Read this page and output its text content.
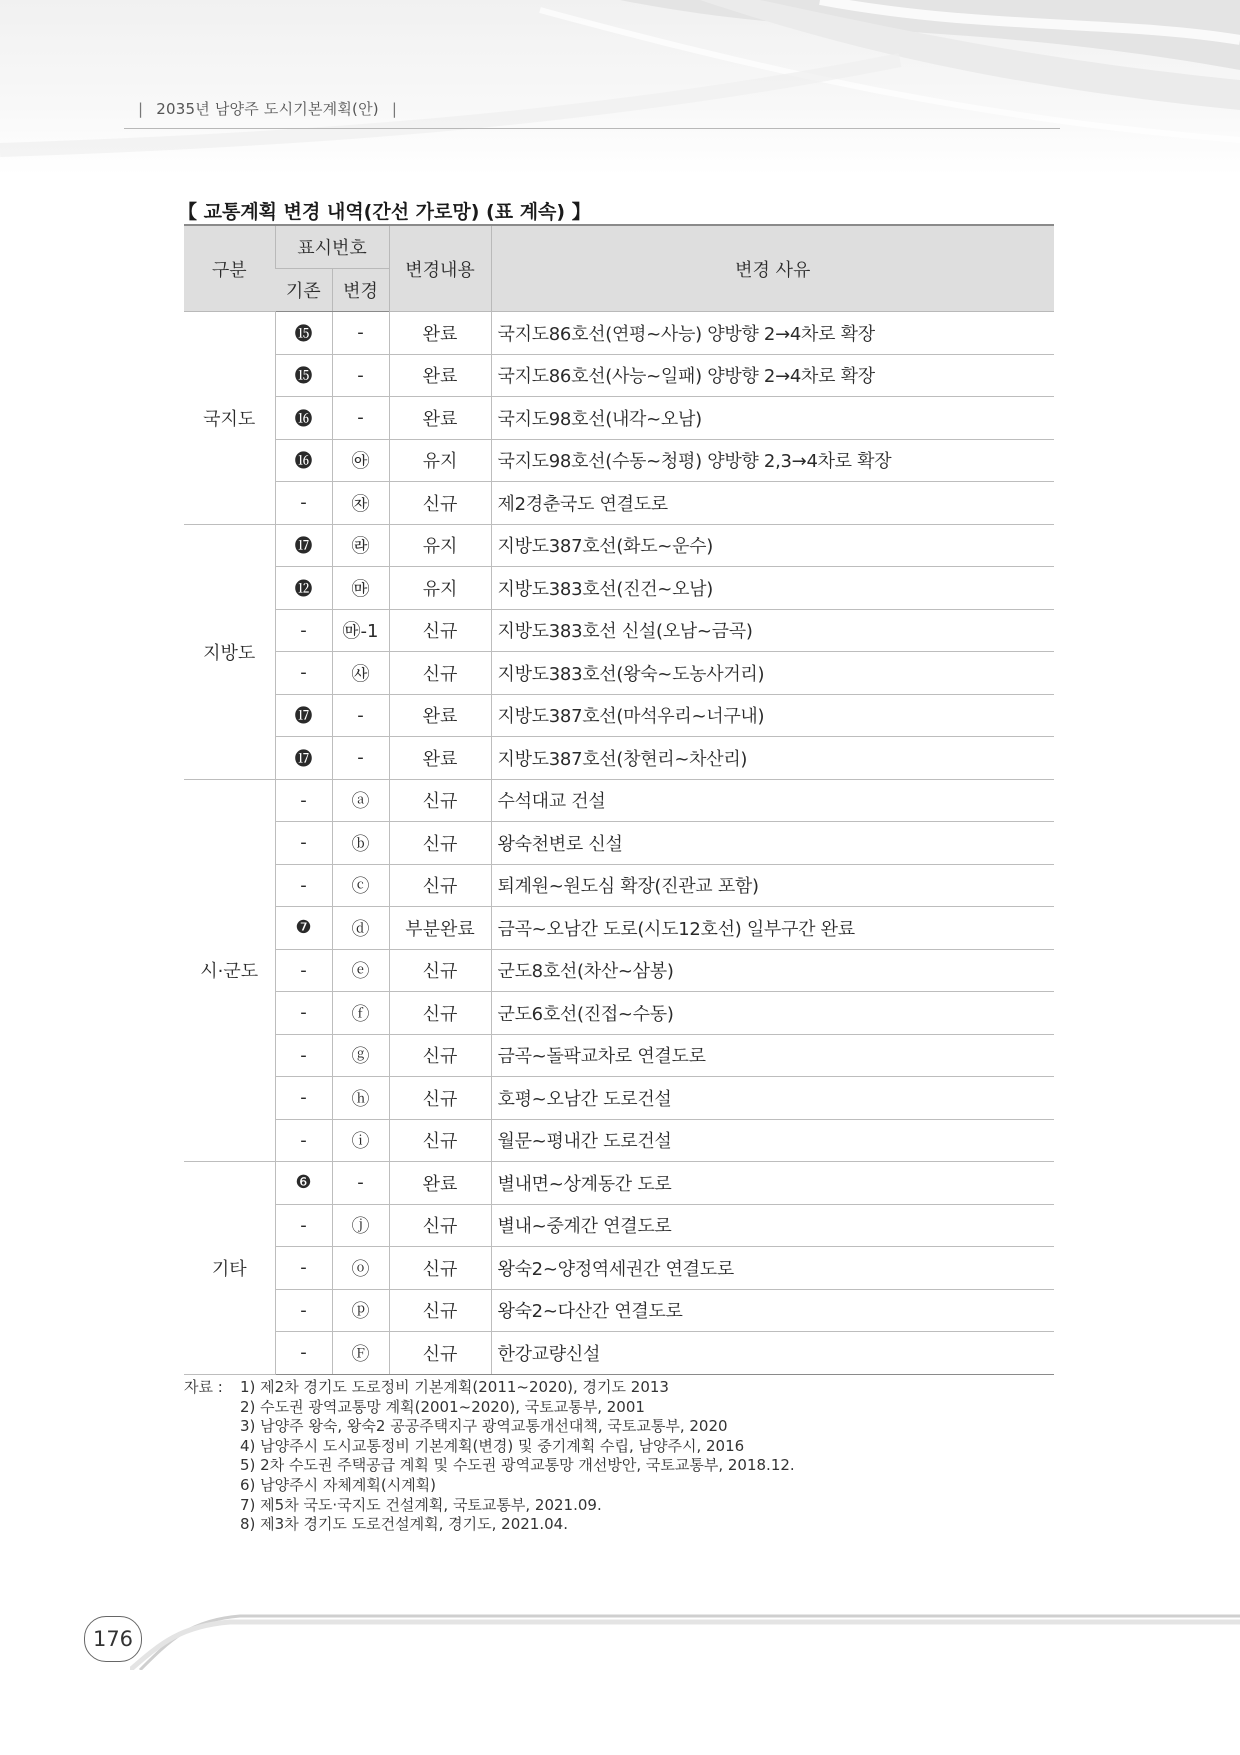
| 2035년 남양주 도시기본계획(안) |
【 교통계획 변경 내역(간선 가로망) (표 계속) 】
구분	표시번호		변경내용	변경 사유
	기존	변경		
국지도	⓯	-	완료	국지도86호선(연평~사능) 양방향 2→4차로 확장
	⓯	-	완료	국지도86호선(사능~일패) 양방향 2→4차로 확장
	⓰	-	완료	국지도98호선(내각~오남)
	⓰	㉵	유지	국지도98호선(수동~청평) 양방향 2,3→4차로 확장
	-	㉶	신규	제2경춘국도 연결도로
지방도	⓱	㉱	유지	지방도387호선(화도~운수)
	⓬	㉲	유지	지방도383호선(진건~오남)
	-	㉲-1	신규	지방도383호선 신설(오남~금곡)
	-	㉴	신규	지방도383호선(왕숙~도농사거리)
	⓱	-	완료	지방도387호선(마석우리~너구내)
	⓱	-	완료	지방도387호선(창현리~차산리)
시·군도	-	ⓐ	신규	수석대교 건설
	-	ⓑ	신규	왕숙천변로 신설
	-	ⓒ	신규	퇴계원~원도심 확장(진관교 포함)
	❼	ⓓ	부분완료	금곡~오남간 도로(시도12호선) 일부구간 완료
	-	ⓔ	신규	군도8호선(차산~삼봉)
	-	ⓕ	신규	군도6호선(진접~수동)
	-	ⓖ	신규	금곡~돌팍교차로 연결도로
	-	ⓗ	신규	호평~오남간 도로건설
	-	ⓘ	신규	월문~평내간 도로건설
기타	❻	-	완료	별내면~상계동간 도로
	-	ⓙ	신규	별내~중계간 연결도로
	-	ⓞ	신규	왕숙2~양정역세권간 연결도로
	-	ⓟ	신규	왕숙2~다산간 연결도로
	-	Ⓕ	신규	한강교량신설
자료 : 1) 제2차 경기도 도로정비 기본계획(2011~2020), 경기도 2013
2) 수도권 광역교통망 계획(2001~2020), 국토교통부, 2001
3) 남양주 왕숙, 왕숙2 공공주택지구 광역교통개선대책, 국토교통부, 2020
4) 남양주시 도시교통정비 기본계획(변경) 및 중기계획 수립, 남양주시, 2016
5) 2차 수도권 주택공급 계획 및 수도권 광역교통망 개선방안, 국토교통부, 2018.12.
6) 남양주시 자체계획(시계획)
7) 제5차 국도·국지도 건설계획, 국토교통부, 2021.09.
8) 제3차 경기도 도로건설계획, 경기도, 2021.04.
176
